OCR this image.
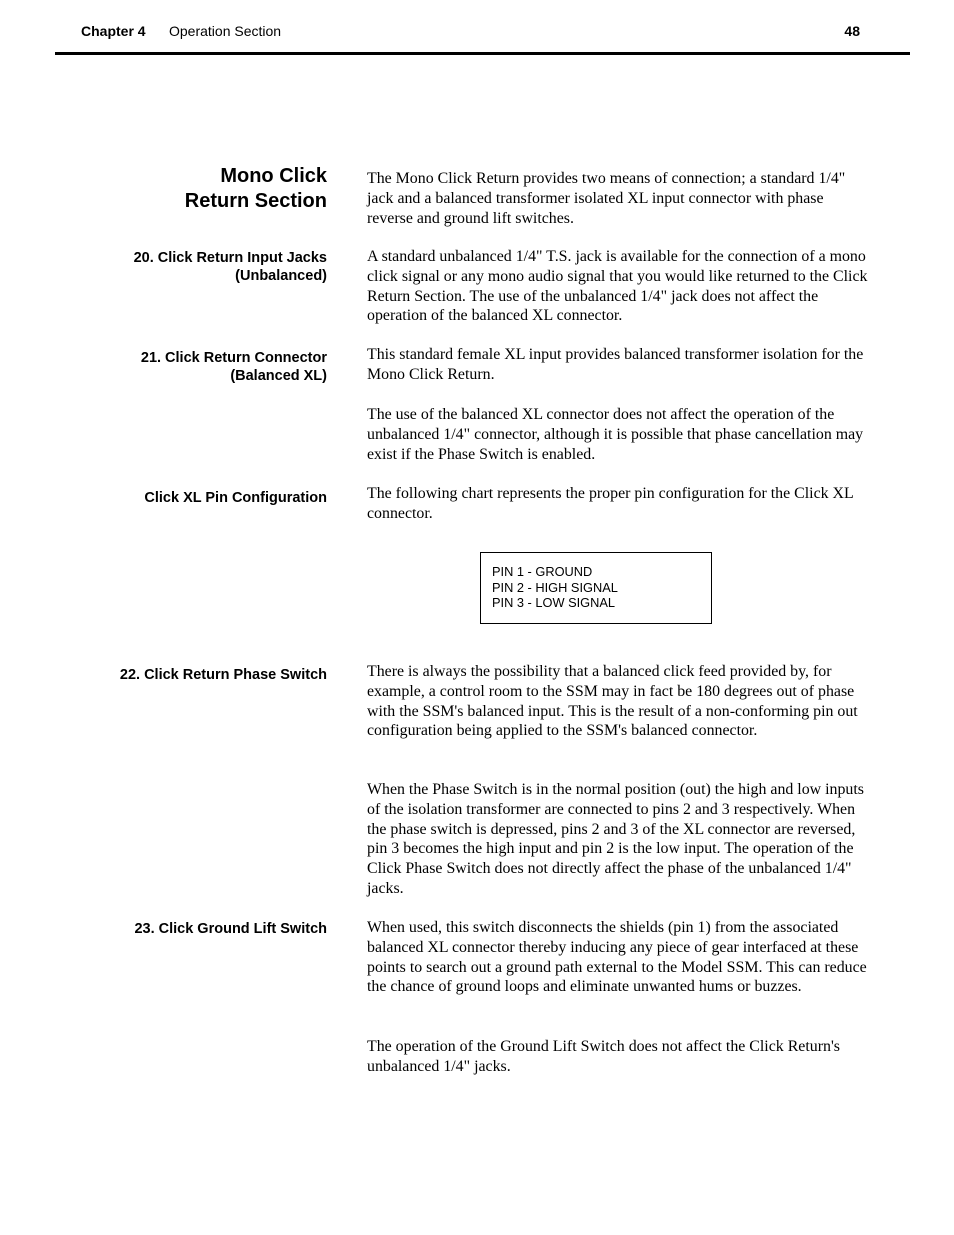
Chapter 4 Operation Section	48
Mono Click
Return Section
The Mono Click Return provides two means of connection; a standard 1/4" jack and a balanced transformer isolated XL input connector with phase reverse and ground lift switches.
20. Click Return Input Jacks
(Unbalanced)
A standard unbalanced 1/4" T.S. jack is available for the connection of a mono click signal or any mono audio signal that you would like returned to the Click Return Section. The use of the unbalanced 1/4" jack does not affect the operation of the balanced XL connector.
21. Click Return Connector
(Balanced XL)
This standard female XL input provides balanced transformer isolation for the Mono Click Return.
The use of the balanced XL connector does not affect the operation of the unbalanced 1/4" connector, although it is possible that phase cancellation may exist if the Phase Switch is enabled.
Click XL Pin Configuration	The following chart represents the proper pin configuration for the Click XL connector.
PIN 1 - GROUND
PIN 2 - HIGH SIGNAL
PIN 3 - LOW SIGNAL
22. Click Return Phase Switch	There is always the possibility that a balanced click feed provided by, for example, a control room to the SSM may in fact be 180 degrees out of phase with the SSM's balanced input. This is the result of a non-conforming pin out configuration being applied to the SSM's balanced connector.
When the Phase Switch is in the normal position (out) the high and low inputs of the isolation transformer are connected to pins 2 and 3 respectively. When the phase switch is depressed, pins 2 and 3 of the XL connector are reversed, pin 3 becomes the high input and pin 2 is the low input. The operation of the Click Phase Switch does not directly affect the phase of the unbalanced 1/4" jacks.
23. Click Ground Lift Switch	When used, this switch disconnects the shields (pin 1) from the associated balanced XL connector thereby inducing any piece of gear interfaced at these points to search out a ground path external to the Model SSM. This can reduce the chance of ground loops and eliminate unwanted hums or buzzes.
The operation of the Ground Lift Switch does not affect the Click Return's unbalanced 1/4" jacks.
